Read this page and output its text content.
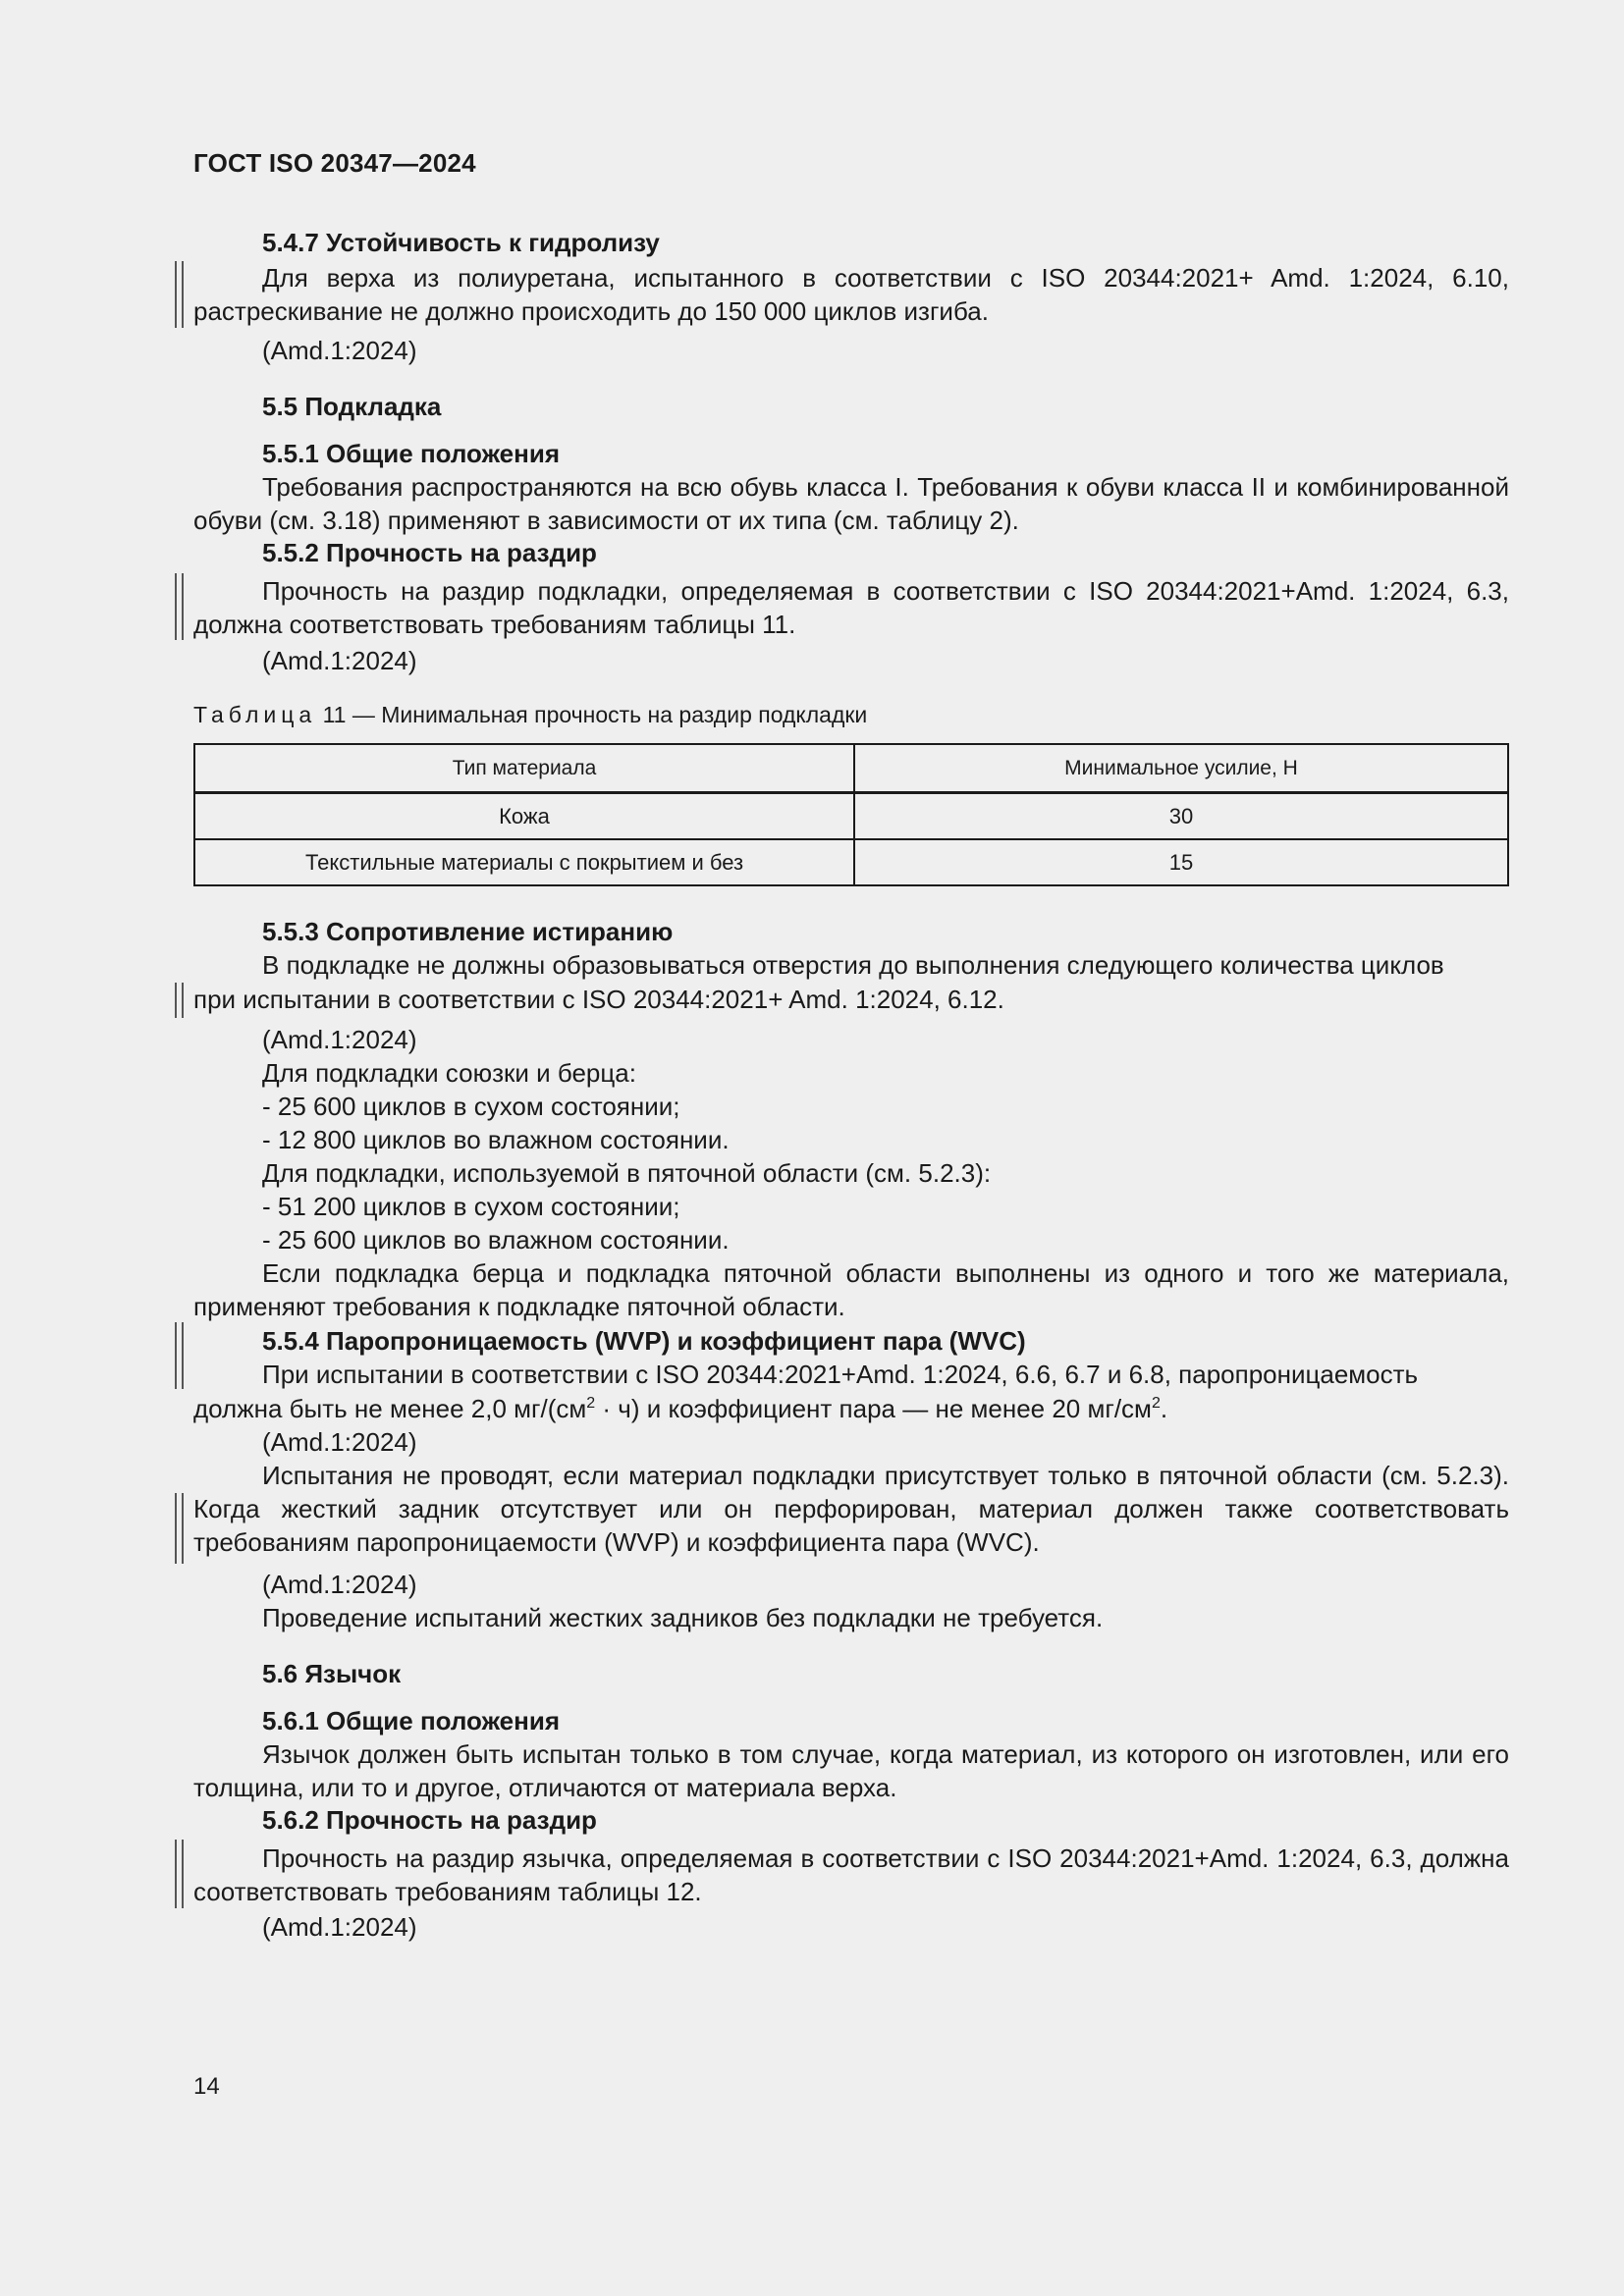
ГОСТ ISO 20347—2024
5.4.7 Устойчивость к гидролизу
Для верха из полиуретана, испытанного в соответствии с ISO 20344:2021+ Amd. 1:2024, 6.10, растрескивание не должно происходить до 150 000 циклов изгиба.
(Amd.1:2024)
5.5 Подкладка
5.5.1 Общие положения
Требования распространяются на всю обувь класса I. Требования к обуви класса II и комбинированной обуви (см. 3.18) применяют в зависимости от их типа (см. таблицу 2).
5.5.2 Прочность на раздир
Прочность на раздир подкладки, определяемая в соответствии с ISO 20344:2021+Amd. 1:2024, 6.3, должна соответствовать требованиям таблицы 11.
(Amd.1:2024)
Таблица 11 — Минимальная прочность на раздир подкладки
Тип материала	Минимальное усилие, Н
Кожа	30
Текстильные материалы с покрытием и без	15
5.5.3 Сопротивление истиранию
В подкладке не должны образовываться отверстия до выполнения следующего количества циклов
при испытании в соответствии с ISO 20344:2021+ Amd. 1:2024, 6.12.
(Amd.1:2024)
Для подкладки союзки и берца:
- 25 600 циклов в сухом состоянии;
- 12 800 циклов во влажном состоянии.
Для подкладки, используемой в пяточной области (см. 5.2.3):
- 51 200 циклов в сухом состоянии;
- 25 600 циклов во влажном состоянии.
Если подкладка берца и подкладка пяточной области выполнены из одного и того же материала, применяют требования к подкладке пяточной области.
5.5.4 Паропроницаемость (WVP) и коэффициент пара (WVC)
При испытании в соответствии с ISO 20344:2021+Amd. 1:2024, 6.6, 6.7 и 6.8, паропроницаемость
должна быть не менее 2,0 $мг/(см^2 \cdot ч)$ и коэффициент пара — не менее 20 $мг/см^2$.
(Amd.1:2024)
Испытания не проводят, если материал подкладки присутствует только в пяточной области (см. 5.2.3). Когда жесткий задник отсутствует или он перфорирован, материал должен также соответствовать требованиям паропроницаемости (WVP) и коэффициента пара (WVC).
(Amd.1:2024)
Проведение испытаний жестких задников без подкладки не требуется.
5.6 Язычок
5.6.1 Общие положения
Язычок должен быть испытан только в том случае, когда материал, из которого он изготовлен, или его толщина, или то и другое, отличаются от материала верха.
5.6.2 Прочность на раздир
Прочность на раздир язычка, определяемая в соответствии с ISO 20344:2021+Amd. 1:2024, 6.3, должна соответствовать требованиям таблицы 12.
(Amd.1:2024)
14
